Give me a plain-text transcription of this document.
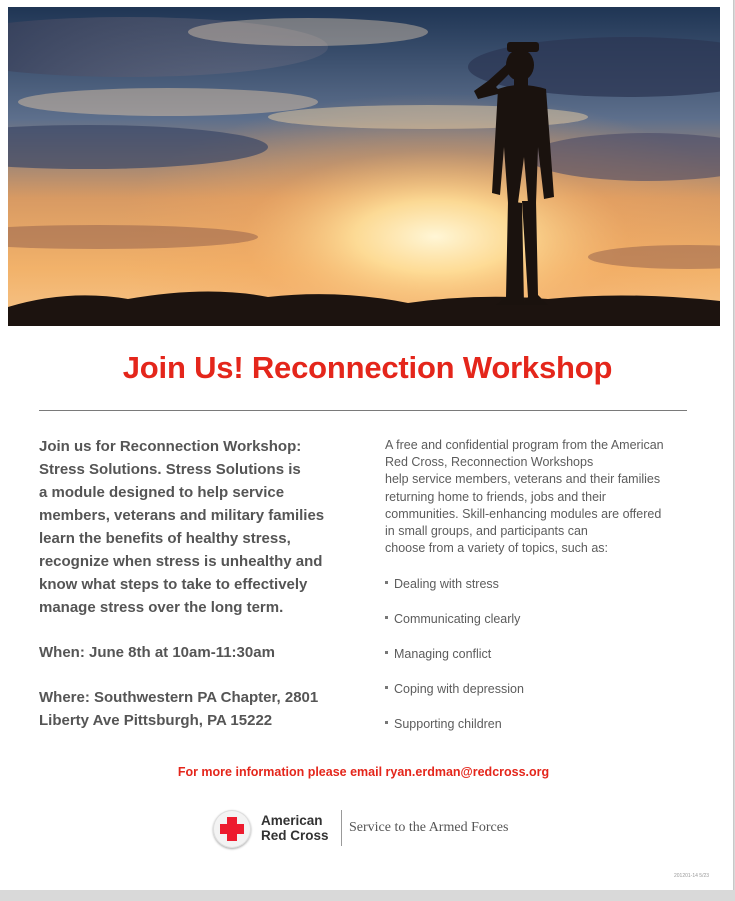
Join Us! Reconnection Workshop

Join us for Reconnection Workshop:

Stress Solutions. Stress Solutions is

a module designed to help service

members, veterans and military families

learn the benefits of healthy stress,

recognize when stress is unhealthy and

know what steps to take to effectively

manage stress over the long term.

When: June 8th at 10am-11:30am

Where: Southwestern PA Chapter, 2801

Liberty Ave Pittsburgh, PA 15222

A free and confidential program from the American

Red Cross, Reconnection Workshops

help service members, veterans and their families

returning home to friends, jobs and their

communities. Skill-enhancing modules are offered

in small groups, and participants can

choose from a variety of topics, such as:

Dealing with stress
Communicating clearly
Managing conflict
Coping with depression
Supporting children
For more information please email ryan.erdman@redcross.org
American
Red Cross
Service to the Armed Forces
201201-14 5/23
